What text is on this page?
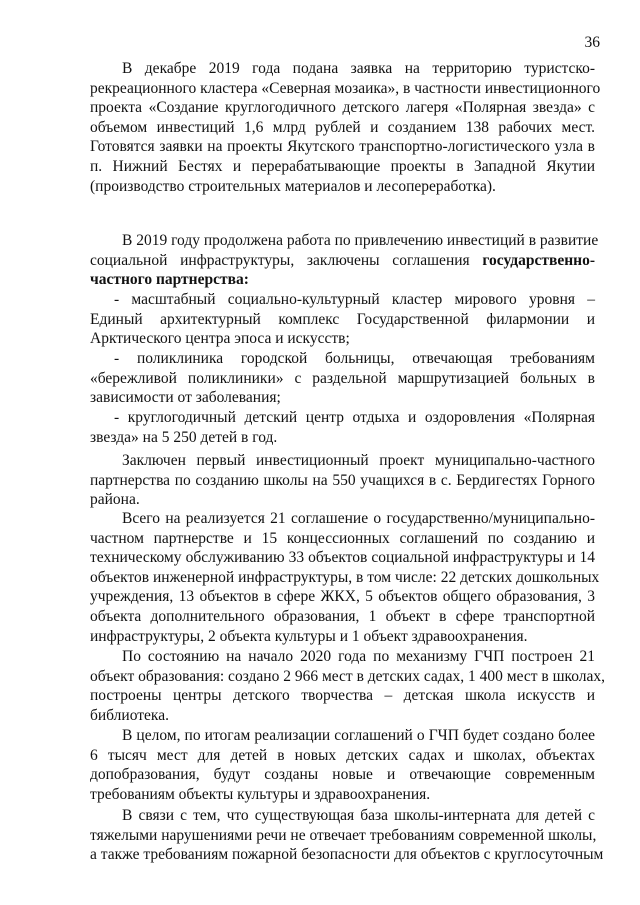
36
В декабре 2019 года подана заявка на территорию туристско-
рекреационного кластера «Северная мозаика», в частности инвестиционного
проекта «Создание круглогодичного детского лагеря «Полярная звезда» с
объемом инвестиций 1,6 млрд рублей и созданием 138 рабочих мест.
Готовятся заявки на проекты Якутского транспортно-логистического узла в
п. Нижний Бестях и перерабатывающие проекты в Западной Якутии
(производство строительных материалов и лесопереработка).
В 2019 году продолжена работа по привлечению инвестиций в развитие
социальной инфраструктуры, заключены соглашения государственно-
частного партнерства:
- масштабный социально-культурный кластер мирового уровня –
Единый архитектурный комплекс Государственной филармонии и
Арктического центра эпоса и искусств;
- поликлиника городской больницы, отвечающая требованиям
«бережливой поликлиники» с раздельной маршрутизацией больных в
зависимости от заболевания;
- круглогодичный детский центр отдыха и оздоровления «Полярная
звезда» на 5 250 детей в год.
Заключен первый инвестиционный проект муниципально-частного
партнерства по созданию школы на 550 учащихся в с. Бердигестях Горного
района.
Всего на реализуется 21 соглашение о государственно/муниципально-
частном партнерстве и 15 концессионных соглашений по созданию и
техническому обслуживанию 33 объектов социальной инфраструктуры и 14
объектов инженерной инфраструктуры, в том числе: 22 детских дошкольных
учреждения, 13 объектов в сфере ЖКХ, 5 объектов общего образования, 3
объекта дополнительного образования, 1 объект в сфере транспортной
инфраструктуры, 2 объекта культуры и 1 объект здравоохранения.
По состоянию на начало 2020 года по механизму ГЧП построен 21
объект образования: создано 2 966 мест в детских садах, 1 400 мест в школах,
построены центры детского творчества – детская школа искусств и
библиотека.
В целом, по итогам реализации соглашений о ГЧП будет создано более
6 тысяч мест для детей в новых детских садах и школах, объектах
допобразования, будут созданы новые и отвечающие современным
требованиям объекты культуры и здравоохранения.
В связи с тем, что существующая база школы-интерната для детей с
тяжелыми нарушениями речи не отвечает требованиям современной школы,
а также требованиям пожарной безопасности для объектов с круглосуточным
